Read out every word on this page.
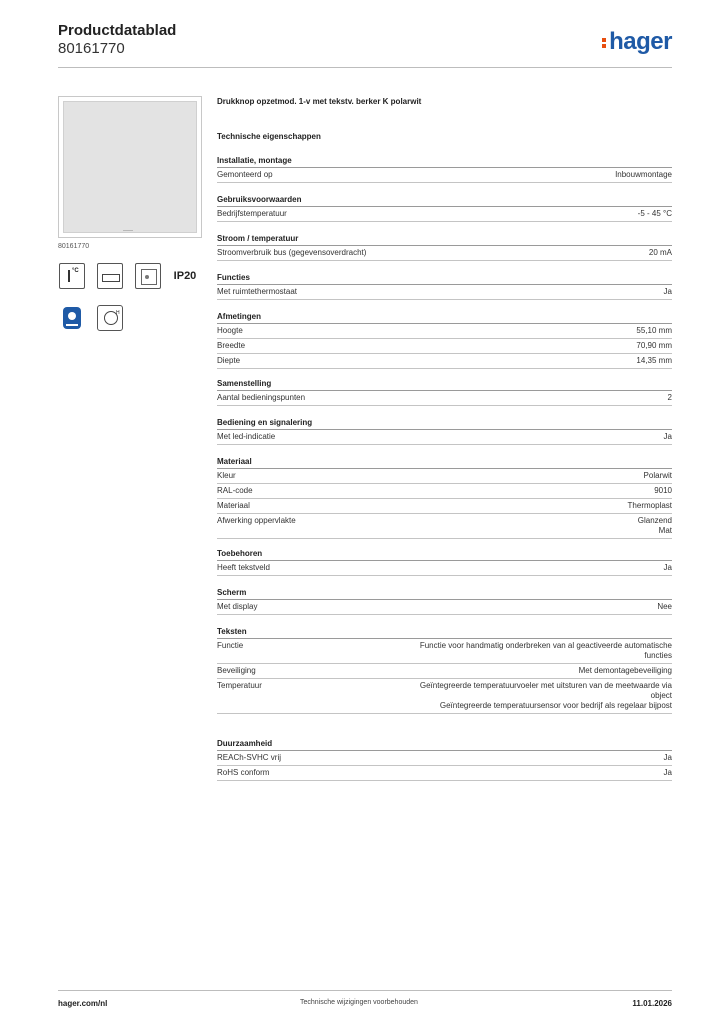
Productdatablad
80161770	hager
80161770
°C	IP20
H
Drukknop opzetmod. 1-v met tekstv. berker K polarwit
Technische eigenschappen
Installatie, montage
Gemonteerd op	Inbouwmontage
Gebruiksvoorwaarden
Bedrijfstemperatuur	-5 - 45 °C
Stroom / temperatuur
Stroomverbruik bus (gegevensoverdracht)	20 mA
Functies
Met ruimtethermostaat	Ja
Afmetingen
Hoogte	55,10 mm
Breedte	70,90 mm
Diepte	14,35 mm
Samenstelling
Aantal bedieningspunten	2
Bediening en signalering
Met led-indicatie	Ja
Materiaal
Kleur	Polarwit
RAL-code	9010
Materiaal	Thermoplast
Afwerking oppervlakte	Glanzend
Mat
Toebehoren
Heeft tekstveld	Ja
Scherm
Met display	Nee
Teksten
Functie	Functie voor handmatig onderbreken van al geactiveerde automatische functies
Beveiliging	Met demontagebeveiliging
Temperatuur	Geïntegreerde temperatuurvoeler met uitsturen van de meetwaarde via object
Geïntegreerde temperatuursensor voor bedrijf als regelaar bijpost
Duurzaamheid
REACh-SVHC vrij	Ja
RoHS conform	Ja
hager.com/nl	Technische wijzigingen voorbehouden	11.01.2026
